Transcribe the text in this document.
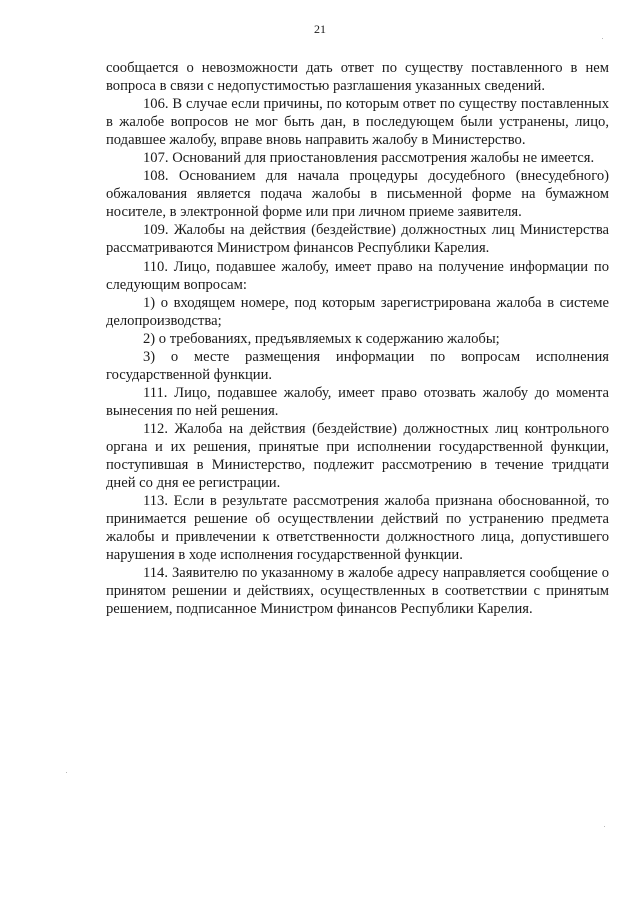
21

сообщается о невозможности дать ответ по существу поставленного в нем вопроса в связи с недопустимостью разглашения указанных сведений.

106. В случае если причины, по которым ответ по существу поставленных в жалобе вопросов не мог быть дан, в последующем были устранены, лицо, подавшее жалобу, вправе вновь направить жалобу в Министерство.

107. Оснований для приостановления рассмотрения жалобы не имеется.

108. Основанием для начала процедуры досудебного (внесудебного) обжалования является подача жалобы в письменной форме на бумажном носителе, в электронной форме или при личном приеме заявителя.

109. Жалобы на действия (бездействие) должностных лиц Министерства рассматриваются Министром финансов Республики Карелия.

110. Лицо, подавшее жалобу, имеет право на получение информации по следующим вопросам:

1) о входящем номере, под которым зарегистрирована жалоба в системе делопроизводства;

2) о требованиях, предъявляемых к содержанию жалобы;

3) о месте размещения информации по вопросам исполнения государственной функции.

111. Лицо, подавшее жалобу, имеет право отозвать жалобу до момента вынесения по ней решения.

112. Жалоба на действия (бездействие) должностных лиц контрольного органа и их решения, принятые при исполнении государственной функции, поступившая в Министерство, подлежит рассмотрению в течение тридцати дней со дня ее регистрации.

113. Если в результате рассмотрения жалоба признана обоснованной, то принимается решение об осуществлении действий по устранению предмета жалобы и привлечении к ответственности должностного лица, допустившего нарушения в ходе исполнения государственной функции.

114. Заявителю по указанному в жалобе адресу направляется сообщение о принятом решении и действиях, осуществленных в соответствии с принятым решением, подписанное Министром финансов Республики Карелия.
